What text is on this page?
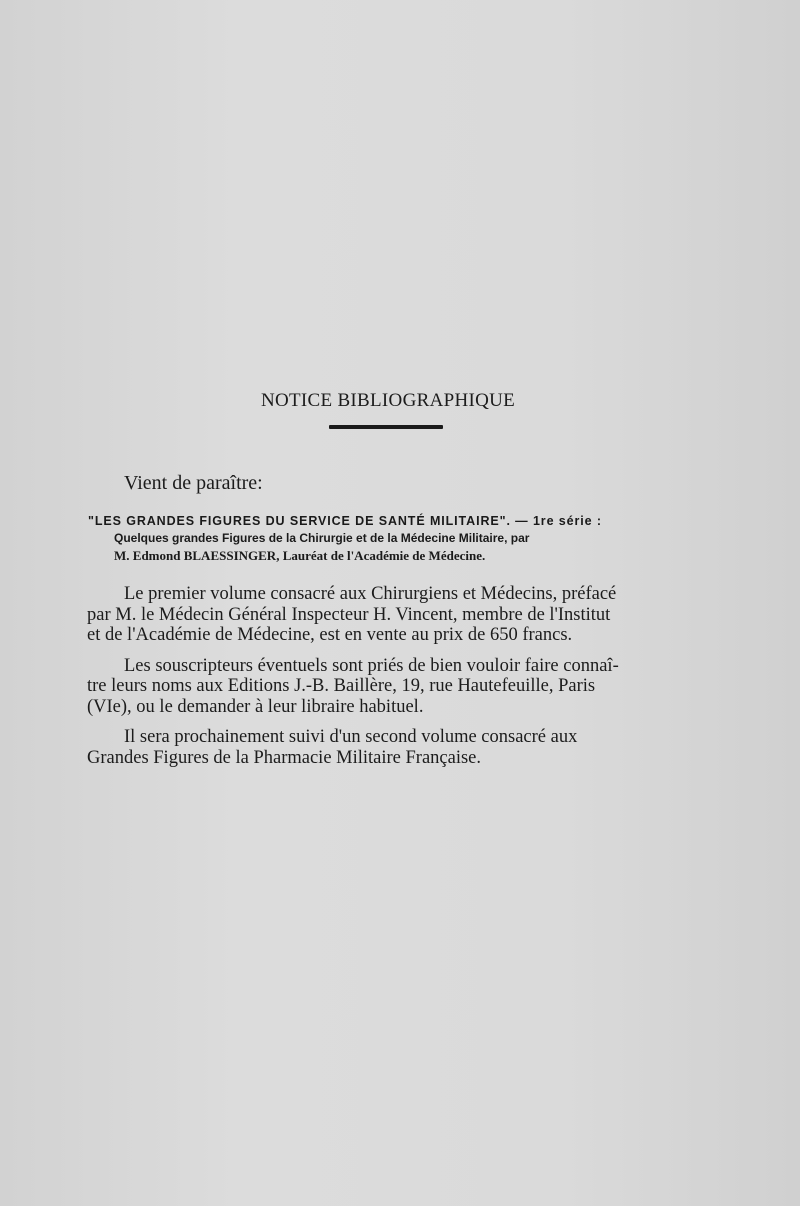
NOTICE BIBLIOGRAPHIQUE
Vient de paraître:

"LES GRANDES FIGURES DU SERVICE DE SANTÉ MILITAIRE". — 1re série :

Quelques grandes Figures de la Chirurgie et de la Médecine Militaire, par

M. Edmond BLAESSINGER, Lauréat de l'Académie de Médecine.

Le premier volume consacré aux Chirurgiens et Médecins, préfacé
par M. le Médecin Général Inspecteur H. Vincent, membre de l'Institut
et de l'Académie de Médecine, est en vente au prix de 650 francs.

Les souscripteurs éventuels sont priés de bien vouloir faire connaî-
tre leurs noms aux Editions J.-B. Baillère, 19, rue Hautefeuille, Paris
(VIe), ou le demander à leur libraire habituel.

Il sera prochainement suivi d'un second volume consacré aux
Grandes Figures de la Pharmacie Militaire Française.
